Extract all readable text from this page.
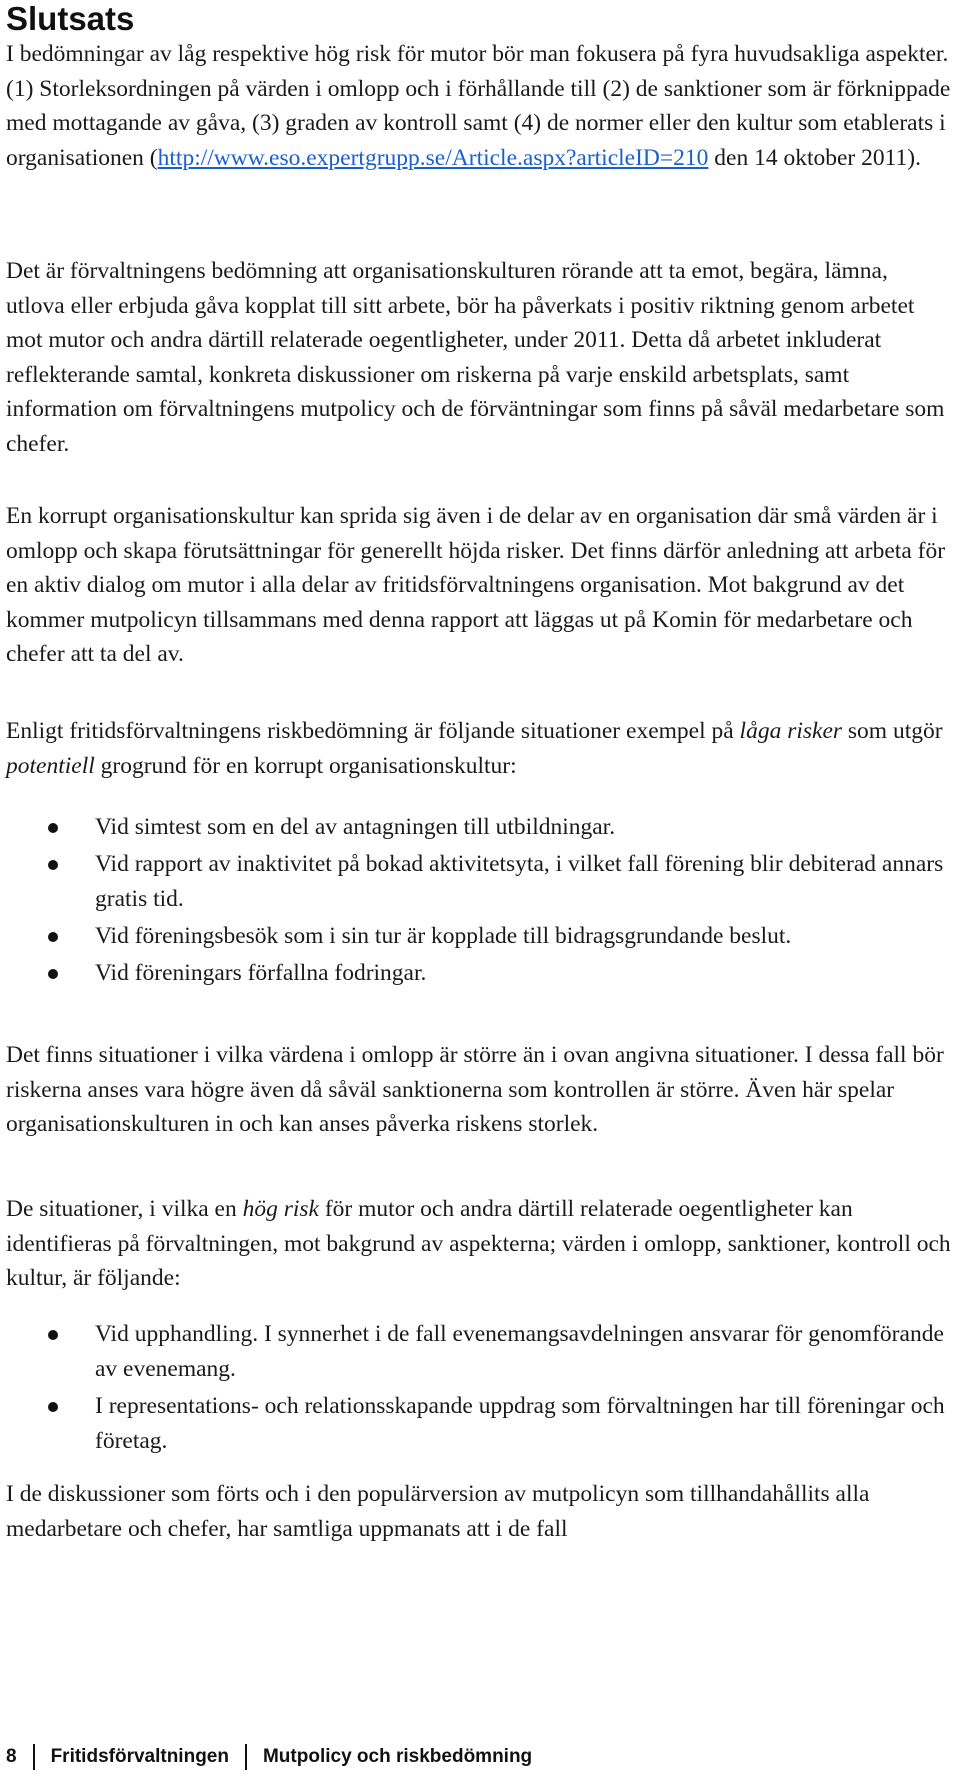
Slutsats

I bedömningar av låg respektive hög risk för mutor bör man fokusera på fyra huvudsakliga aspekter. (1) Storleksordningen på värden i omlopp och i förhållande till (2) de sanktioner som är förknippade med mottagande av gåva, (3) graden av kontroll samt (4) de normer eller den kultur som etablerats i organisationen (http://www.eso.expertgrupp.se/Article.aspx?articleID=210 den 14 oktober 2011).

Det är förvaltningens bedömning att organisationskulturen rörande att ta emot, begära, lämna, utlova eller erbjuda gåva kopplat till sitt arbete, bör ha påverkats i positiv riktning genom arbetet mot mutor och andra därtill relaterade oegentligheter, under 2011. Detta då arbetet inkluderat reflekterande samtal, konkreta diskussioner om riskerna på varje enskild arbetsplats, samt information om förvaltningens mutpolicy och de förväntningar som finns på såväl medarbetare som chefer.

En korrupt organisationskultur kan sprida sig även i de delar av en organisation där små värden är i omlopp och skapa förutsättningar för generellt höjda risker. Det finns därför anledning att arbeta för en aktiv dialog om mutor i alla delar av fritidsförvaltningens organisation. Mot bakgrund av det kommer mutpolicyn tillsammans med denna rapport att läggas ut på Komin för medarbetare och chefer att ta del av.

Enligt fritidsförvaltningens riskbedömning är följande situationer exempel på låga risker som utgör potentiell grogrund för en korrupt organisationskultur:

Vid simtest som en del av antagningen till utbildningar.
Vid rapport av inaktivitet på bokad aktivitetsyta, i vilket fall förening blir debiterad annars gratis tid.
Vid föreningsbesök som i sin tur är kopplade till bidragsgrundande beslut.
Vid föreningars förfallna fodringar.

Det finns situationer i vilka värdena i omlopp är större än i ovan angivna situationer. I dessa fall bör riskerna anses vara högre även då såväl sanktionerna som kontrollen är större. Även här spelar organisationskulturen in och kan anses påverka riskens storlek.

De situationer, i vilka en hög risk för mutor och andra därtill relaterade oegentligheter kan identifieras på förvaltningen, mot bakgrund av aspekterna; värden i omlopp, sanktioner, kontroll och kultur, är följande:

Vid upphandling. I synnerhet i de fall evenemangsavdelningen ansvarar för genomförande av evenemang.
I representations- och relationsskapande uppdrag som förvaltningen har till föreningar och företag.

I de diskussioner som förts och i den populärversion av mutpolicyn som tillhandahållits alla medarbetare och chefer, har samtliga uppmanats att i de fall

8 Fritidsförvaltningen Mutpolicy och riskbedömning
